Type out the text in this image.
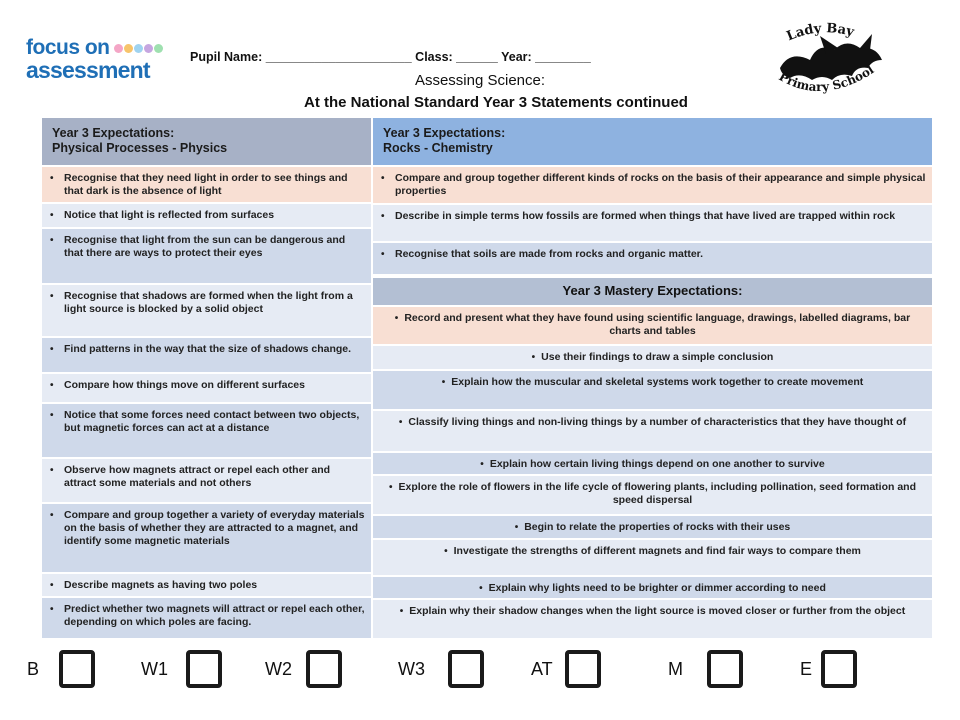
focus on
assessment	Pupil Name: _____________________ Class: ______ Year: ________
Assessing Science:
At the National Standard Year 3 Statements continued
Lady Bay
Primary School
Year 3 Expectations:
Physical Processes - Physics
• Recognise that they need light in order to see things and that dark is the absence of light
• Notice that light is reflected from surfaces
• Recognise that light from the sun can be dangerous and that there are ways to protect their eyes
• Recognise that shadows are formed when the light from a light source is blocked by a solid object
• Find patterns in the way that the size of shadows change.
• Compare how things move on different surfaces
• Notice that some forces need contact between two objects, but magnetic forces can act at a distance
• Observe how magnets attract or repel each other and attract some materials and not others
• Compare and group together a variety of everyday materials on the basis of whether they are attracted to a magnet, and identify some magnetic materials
• Describe magnets as having two poles
• Predict whether two magnets will attract or repel each other, depending on which poles are facing.
Year 3 Expectations:
Rocks - Chemistry
• Compare and group together different kinds of rocks on the basis of their appearance and simple physical properties
• Describe in simple terms how fossils are formed when things that have lived are trapped within rock
• Recognise that soils are made from rocks and organic matter.
Year 3 Mastery Expectations:
• Record and present what they have found using scientific language, drawings, labelled diagrams, bar charts and tables
• Use their findings to draw a simple conclusion
• Explain how the muscular and skeletal systems work together to create movement
• Classify living things and non-living things by a number of characteristics that they have thought of
• Explain how certain living things depend on one another to survive
• Explore the role of flowers in the life cycle of flowering plants, including pollination, seed formation and speed dispersal
• Begin to relate the properties of rocks with their uses
• Investigate the strengths of different magnets and find fair ways to compare them
• Explain why lights need to be brighter or dimmer according to need
• Explain why their shadow changes when the light source is moved closer or further from the object
B	W1	W2	W3	AT	M	E
